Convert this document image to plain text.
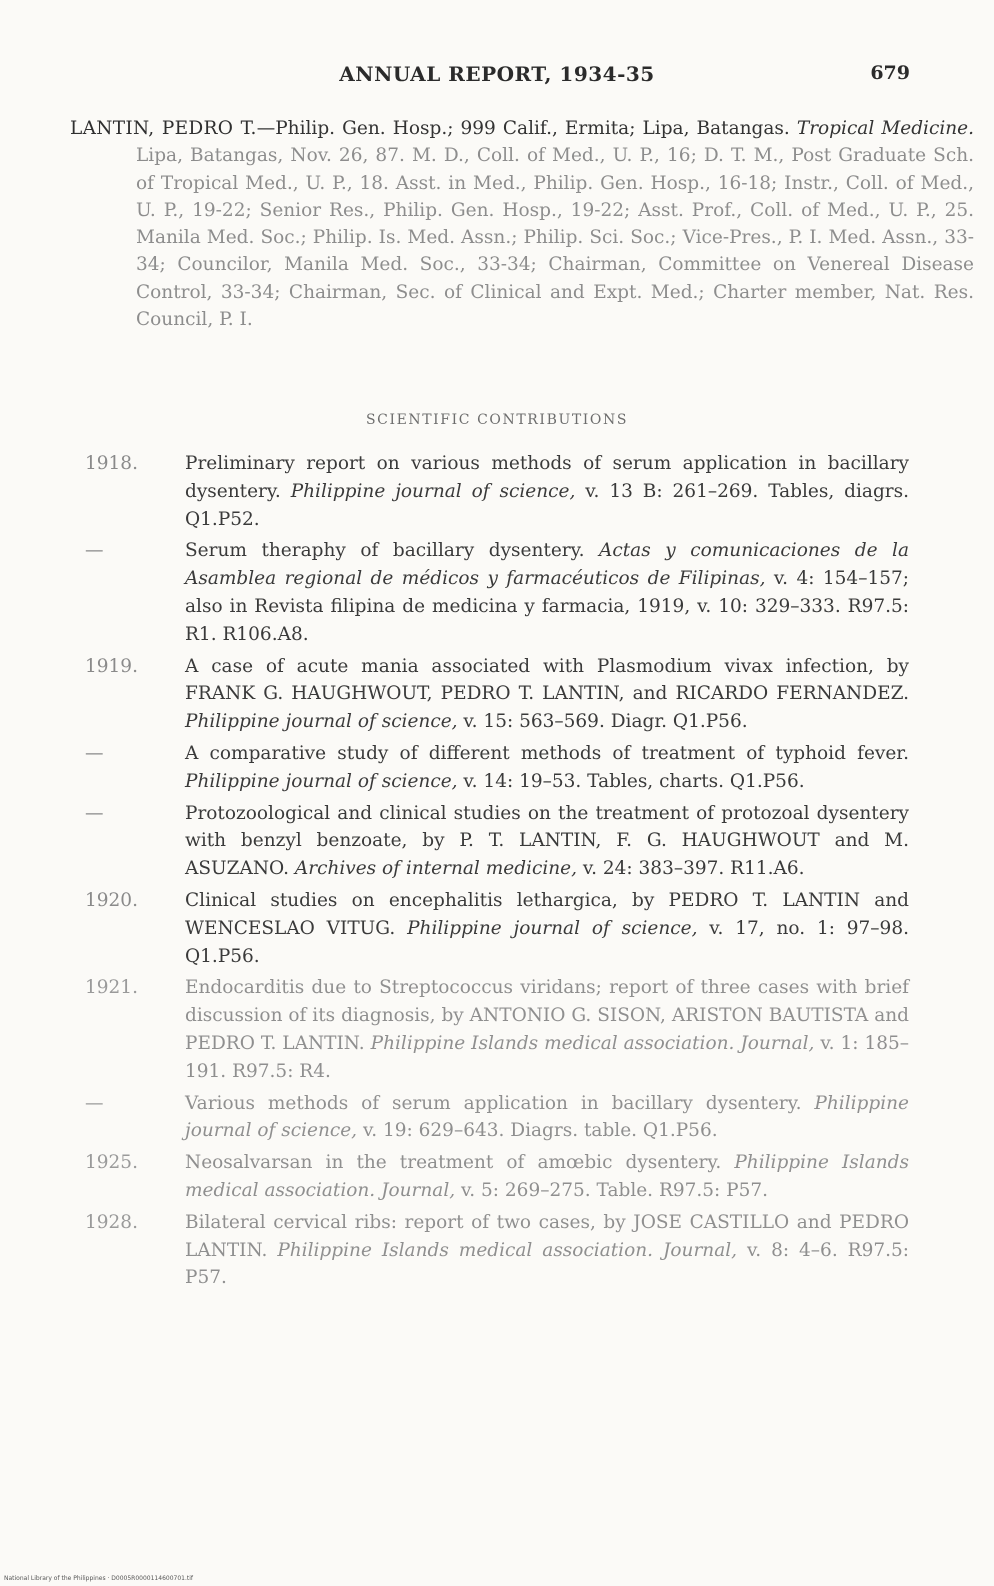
ANNUAL REPORT, 1934-35	679
LANTIN, PEDRO T.—Philip. Gen. Hosp.; 999 Calif., Ermita; Lipa, Batangas. Tropical Medicine. Lipa, Batangas, Nov. 26, 87. M. D., Coll. of Med., U. P., 16; D. T. M., Post Graduate Sch. of Tropical Med., U. P., 18. Asst. in Med., Philip. Gen. Hosp., 16-18; Instr., Coll. of Med., U. P., 19-22; Senior Res., Philip. Gen. Hosp., 19-22; Asst. Prof., Coll. of Med., U. P., 25. Manila Med. Soc.; Philip. Is. Med. Assn.; Philip. Sci. Soc.; Vice-Pres., P. I. Med. Assn., 33-34; Councilor, Manila Med. Soc., 33-34; Chairman, Committee on Venereal Disease Control, 33-34; Chairman, Sec. of Clinical and Expt. Med.; Charter member, Nat. Res. Council, P. I.
SCIENTIFIC CONTRIBUTIONS
1918.	Preliminary report on various methods of serum application in bacillary dysentery. Philippine journal of science, v. 13 B: 261–269. Tables, diagrs. Q1.P52.
—	Serum theraphy of bacillary dysentery. Actas y comunicaciones de la Asamblea regional de médicos y farmacéuticos de Filipinas, v. 4: 154–157; also in Revista filipina de medicina y farmacia, 1919, v. 10: 329–333. R97.5: R1. R106.A8.
1919.	A case of acute mania associated with Plasmodium vivax infection, by FRANK G. HAUGHWOUT, PEDRO T. LANTIN, and RICARDO FERNANDEZ. Philippine journal of science, v. 15: 563–569. Diagr. Q1.P56.
—	A comparative study of different methods of treatment of typhoid fever. Philippine journal of science, v. 14: 19–53. Tables, charts. Q1.P56.
—	Protozoological and clinical studies on the treatment of protozoal dysentery with benzyl benzoate, by P. T. LANTIN, F. G. HAUGHWOUT and M. ASUZANO. Archives of internal medicine, v. 24: 383–397. R11.A6.
1920.	Clinical studies on encephalitis lethargica, by PEDRO T. LANTIN and WENCESLAO VITUG. Philippine journal of science, v. 17, no. 1: 97–98. Q1.P56.
1921.	Endocarditis due to Streptococcus viridans; report of three cases with brief discussion of its diagnosis, by ANTONIO G. SISON, ARISTON BAUTISTA and PEDRO T. LANTIN. Philippine Islands medical association. Journal, v. 1: 185–191. R97.5: R4.
—	Various methods of serum application in bacillary dysentery. Philippine journal of science, v. 19: 629–643. Diagrs. table. Q1.P56.
1925.	Neosalvarsan in the treatment of amœbic dysentery. Philippine Islands medical association. Journal, v. 5: 269–275. Table. R97.5: P57.
1928.	Bilateral cervical ribs: report of two cases, by JOSE CASTILLO and PEDRO LANTIN. Philippine Islands medical association. Journal, v. 8: 4–6. R97.5: P57.
National Library of the Philippines · D0005R0000114600701.tif
